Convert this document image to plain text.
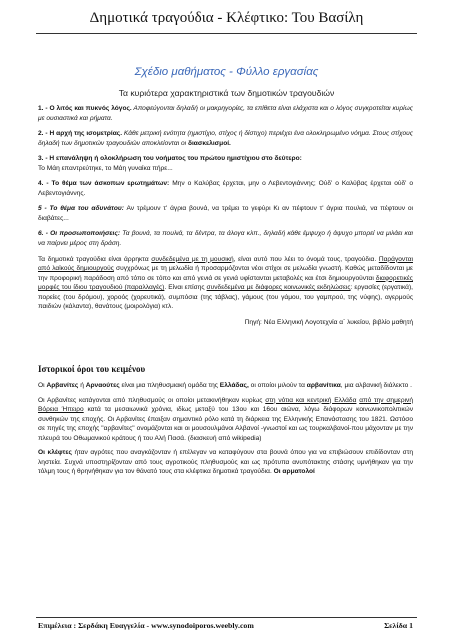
Δημοτικά τραγούδια - Κλέφτικο: Του Βασίλη
Σχέδιο μαθήματος - Φύλλο εργασίας
Τα κυριότερα χαρακτηριστικά των δημοτικών τραγουδιών

1. - Ο λιτός και πυκνός λόγος. Αποφεύγονται δηλαδή οι μακρηγορίες, τα επίθετα είναι ελάχιστα και ο λόγος συγκροτείται κυρίως με ουσιαστικά και ρήματα.

2. - Η αρχή της ισομετρίας. Κάθε μετρική ενότητα (ημιστίχιο, στίχος ή δίστιχο) περιέχει ένα ολοκληρωμένο νόημα. Στους στίχους δηλαδή των δημοτικών τραγουδιών αποκλείονται οι διασκελισμοί.

3. - Η επανάληψη ή ολοκλήρωση του νοήματος του πρώτου ημιστίχιου στο δεύτερο:
Το Μάη επαντρεύτηκε, το Μάη γυναίκα πήρε...

4. - Το θέμα των άσκοπων ερωτημάτων: Μην ο Καλύβας έρχεται, μην ο Λεβεντογιάννης; Ούδ' ο Καλύβας έρχεται ούδ' ο Λεβεντογιάννης.

5 - Το θέμα του αδυνάτου: Αν τρέμουν τ' άγρια βουνά, να τρέμει το γεφύρι Κι αν πέφτουν τ' άγρια πουλιά, να πέφτουν οι διαβάτες...

6. - Οι προσωποποιήσεις: Τα βουνά, τα πουλιά, τα δέντρα, τα άλογα κλπ., δηλαδή κάθε έμψυχο ή άψυχο μπορεί να μιλάει και να παίρνει μέρος στη δράση.

Τα δημοτικά τραγούδια είναι άρρηκτα συνδεδεμένα με τη μουσική, είναι αυτό που λέει το όνομά τους, τραγούδια. Παράγονται από λαϊκούς δημιουργούς συγχρόνως με τη μελωδία ή προσαρμόζονται νέοι στίχοι σε μελωδία γνωστή. Καθώς μεταδίδονται με την προφορική παράδοση από τόπο σε τόπο και από γενιά σε γενιά υφίστανται μεταβολές και έτσι δημιουργούνται διαφορετικές μορφές του ίδιου τραγουδιού (παραλλαγές). Είναι επίσης συνδεδεμένα με διάφορες κοινωνικές εκδηλώσεις: εργασίες (εργατικά), πορείες (του δρόμου), χοροός (χορευτικά), συμπόσια (της τάβλας), γάμους (του γάμου, του γαμπρού, της νύφης), αγερμούς παιδιών (κάλαντα), θανάτους (μοιρολόγια) κτλ.

Πηγή: Νέα Ελληνική Λογοτεχνία α΄ λυκείου, βιβλίο μαθητή

Ιστορικοί όροι του κειμένου

Οι Αρβανίτες ή Αρναούτες είναι μια πληθυσμιακή ομάδα της Ελλάδας, οι οποίοι μιλούν τα αρβανίτικα, μια αλβανική διάλεκτο .

Οι Αρβανίτες κατάγονται από πληθυσμούς οι οποίοι μετακινήθηκαν κυρίως στη νότια και κεντρική Ελλάδα από την σημερινή Βόρεια Ήπειρο κατά τα μεσαιωνικά χρόνια, ιδίως μεταξύ του 13ου και 16ου αιώνα, λόγω διάφορων κοινωνικοπολιτικών συνθηκών της εποχής. Οι Αρβανίτες έπαιξαν σημαντικό ρόλο κατά τη διάρκεια της Ελληνικής Επανάστασης του 1821. Ωστόσο σε πηγές της εποχής "αρβανίτες" ονομάζονται και οι μουσουλμάνοι Αλβανοί -γνωστοί και ως τουρκαλβανοί-που μάχονταν με την πλευρά του Οθωμανικού κράτους ή του Αλή Πασά. (διασκευή από wikipedia)

Οι κλέφτες ήταν αγρότες που αναγκάζονταν ή επέλεγαν να καταφύγουν στα βουνά όπου για να επιβιώσουν επιδίδονταν στη ληστεία. Συχνά υποστηρίζονταν από τους αγροτικούς πληθυσμούς και ως πρότυπα ανυπότακτης στάσης υμνήθηκαν για την τόλμη τους ή θρηνήθηκαν για τον θάνατό τους στα κλέφτικα δημοτικά τραγούδια. Οι αρματολοί

Επιμέλεια : Σερδάκη Ευαγγελία - www.synodoiporos.weebly.com	Σελίδα 1
